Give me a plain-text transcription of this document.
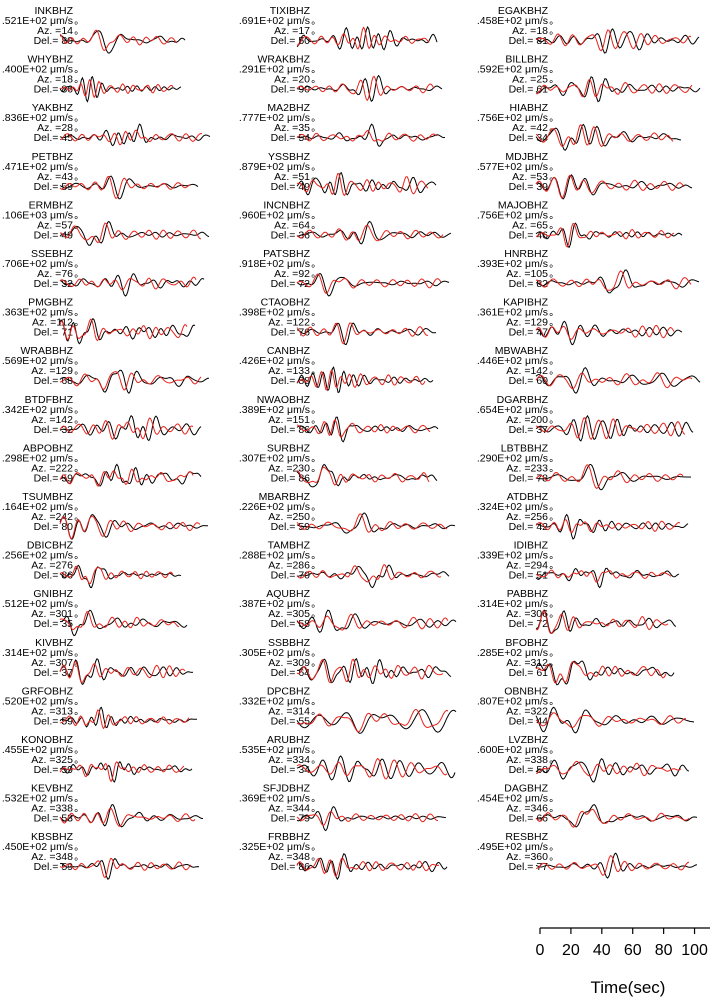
INKBHZ
.521E+02 μm/s
Az. =14 °
Del.= 80 °
WHYBHZ
.400E+02 μm/s
Az. =18 °
Del.= 86 °
YAKBHZ
.836E+02 μm/s
Az. =28 °
Del.= 45 °
PETBHZ
.471E+02 μm/s
Az. =43 °
Del.= 59 °
ERMBHZ
.106E+03 μm/s
Az. =57 °
Del.= 49 °
SSEBHZ
.706E+02 μm/s
Az. =76 °
Del.= 32 °
PMGBHZ
.363E+02 μm/s
Az. =112 °
Del.= 71 °
WRABBHZ
.569E+02 μm/s
Az. =129 °
Del.= 68 °
BTDFBHZ
.342E+02 μm/s
Az. =142 °
Del.= 32 °
ABPOBHZ
.298E+02 μm/s
Az. =222 °
Del.= 59 °
TSUMBHZ
.164E+02 μm/s
Az. =242 °
Del.= 80 °
DBICBHZ
.256E+02 μm/s
Az. =276 °
Del.= 86 °
GNIBHZ
.512E+02 μm/s
Az. =301 °
Del.= 35 °
KIVBHZ
.314E+02 μm/s
Az. =307 °
Del.= 37 °
GRFOBHZ
.520E+02 μm/s
Az. =313 °
Del.= 59 °
KONOBHZ
.455E+02 μm/s
Az. =325 °
Del.= 59 °
KEVBHZ
.532E+02 μm/s
Az. =338 °
Del.= 53 °
KBSBHZ
.450E+02 μm/s
Az. =348 °
Del.= 59 °
TIXIBHZ
.691E+02 μm/s
Az. =17 °
Del.= 50 °
WRAKBHZ
.291E+02 μm/s
Az. =20 °
Del.= 90 °
MA2BHZ
.777E+02 μm/s
Az. =35 °
Del.= 54 °
YSSBHZ
.879E+02 μm/s
Az. =51 °
Del.= 49 °
INCNBHZ
.960E+02 μm/s
Az. =64 °
Del.= 36 °
PATSBHZ
.918E+02 μm/s
Az. =92 °
Del.= 72 °
CTAOBHZ
.398E+02 μm/s
Az. =122 °
Del.= 76 °
CANBHZ
.426E+02 μm/s
Az. =133 °
Del.= 88 °
NWAOBHZ
.389E+02 μm/s
Az. =151 °
Del.= 86 °
SURBHZ
.307E+02 μm/s
Az. =230 °
Del.= 86 °
MBARBHZ
.226E+02 μm/s
Az. =250 °
Del.= 59 °
TAMBHZ
.288E+02 μm/s
Az. =286 °
Del.= 70 °
AQUBHZ
.387E+02 μm/s
Az. =305 °
Del.= 58 °
SSBBHZ
.305E+02 μm/s
Az. =309 °
Del.= 64 °
DPCBHZ
.332E+02 μm/s
Az. =314 °
Del.= 55 °
ARUBHZ
.535E+02 μm/s
Az. =334 °
Del.= 34 °
SFJDBHZ
.369E+02 μm/s
Az. =344 °
Del.= 79 °
FRBBHZ
.325E+02 μm/s
Az. =348 °
Del.= 86 °
EGAKBHZ
.458E+02 μm/s
Az. =18 °
Del.= 81 °
BILLBHZ
.592E+02 μm/s
Az. =25 °
Del.= 61 °
HIABHZ
.756E+02 μm/s
Az. =42 °
Del.= 34 °
MDJBHZ
.577E+02 μm/s
Az. =53 °
Del.= 39 °
MAJOBHZ
.756E+02 μm/s
Az. =65 °
Del.= 46 °
HNRBHZ
.393E+02 μm/s
Az. =105 °
Del.= 82 °
KAPIBHZ
.361E+02 μm/s
Az. =129 °
Del.= 47 °
MBWABHZ
.446E+02 μm/s
Az. =142 °
Del.= 60 °
DGARBHZ
.654E+02 μm/s
Az. =200 °
Del.= 37 °
LBTBBHZ
.290E+02 μm/s
Az. =233 °
Del.= 78 °
ATDBHZ
.324E+02 μm/s
Az. =256 °
Del.= 42 °
IDIBHZ
.339E+02 μm/s
Az. =294 °
Del.= 51 °
PABBHZ
.314E+02 μm/s
Az. =306 °
Del.= 72 °
BFOBHZ
.285E+02 μm/s
Az. =312 °
Del.= 61 °
OBNBHZ
.807E+02 μm/s
Az. =322 °
Del.= 44 °
LVZBHZ
.600E+02 μm/s
Az. =338 °
Del.= 50 °
DAGBHZ
.454E+02 μm/s
Az. =346 °
Del.= 66 °
RESBHZ
.495E+02 μm/s
Az. =360 °
Del.= 77 °
0 20 40 60 80 100
Time(sec)
